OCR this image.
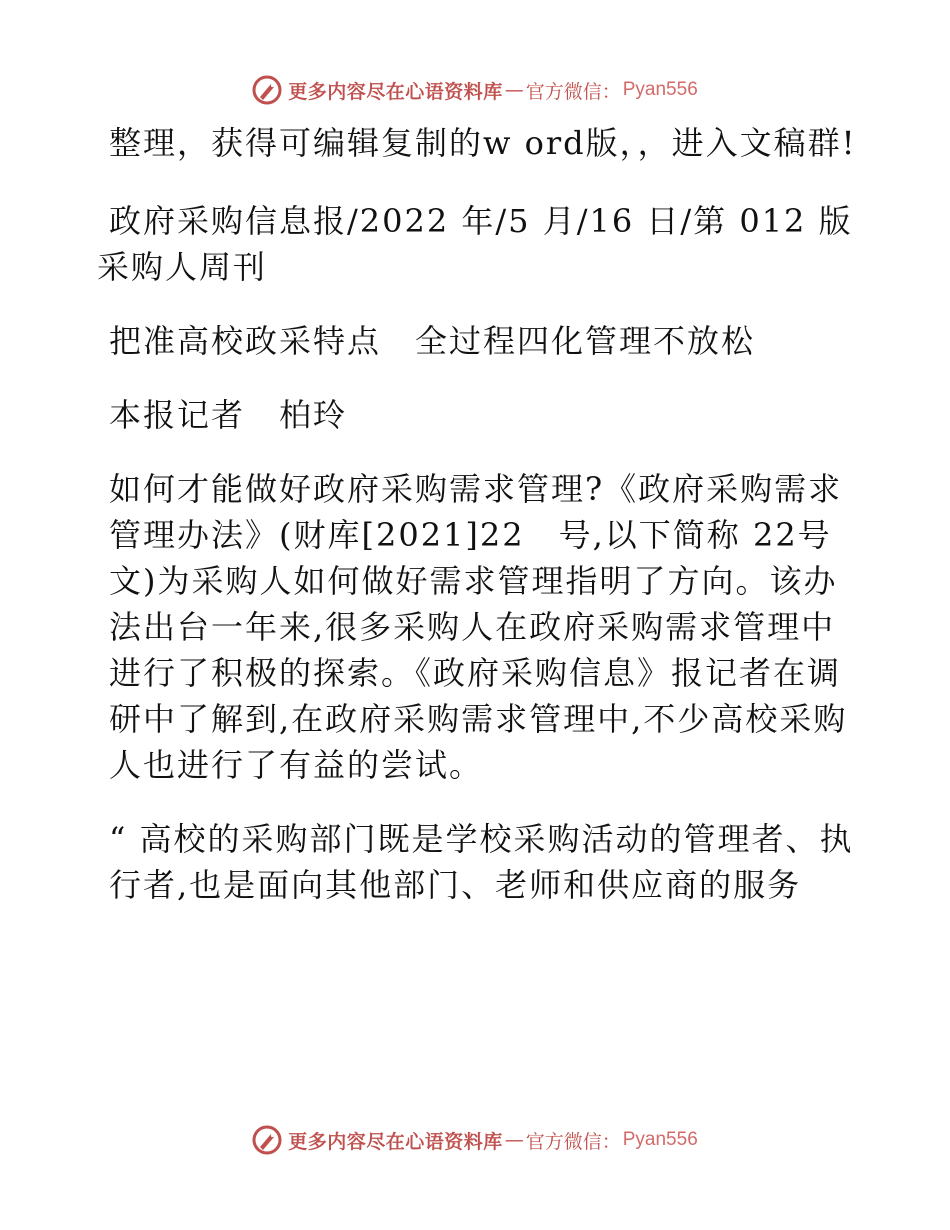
更多内容尽在心语资料库 — 官方微信： Pyan556

整理，获得可编辑复制的w ord版，，进入文稿群!

政府采购信息报/2022 年/5 月/16 日/第 012 版

采购人周刊

把准高校政采特点　全过程四化管理不放松

本报记者　柏玲

如何才能做好政府采购需求管理?《政府采购需求管理办法》(财库[2021]22　号,以下简称 22号文)为采购人如何做好需求管理指明了方向。该办法出台一年来,很多采购人在政府采购需求管理中进行了积极的探索。《政府采购信息》报记者在调研中了解到,在政府采购需求管理中,不少高校采购人也进行了有益的尝试。

“ 高校的采购部门既是学校采购活动的管理者、执行者,也是面向其他部门、老师和供应商的服务

更多内容尽在心语资料库 — 官方微信： Pyan556
